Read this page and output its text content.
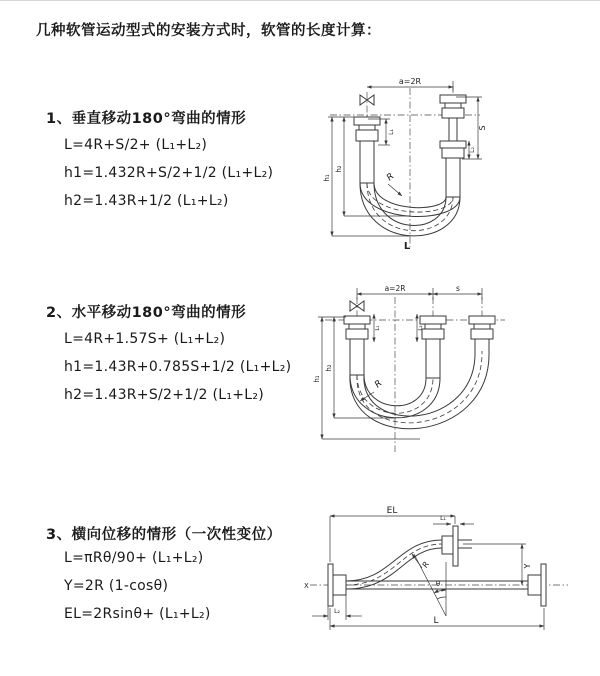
几种软管运动型式的安装方式时，软管的长度计算：
1、垂直移动180°弯曲的情形
L=4R+S/2+ (L₁+L₂)
h1=1.432R+S/2+1/2 (L₁+L₂)
h2=1.43R+1/2 (L₁+L₂)
2、水平移动180°弯曲的情形
L=4R+1.57S+ (L₁+L₂)
h1=1.43R+0.785S+1/2 (L₁+L₂)
h2=1.43R+S/2+1/2 (L₁+L₂)
3、横向位移的情形（一次性变位）
L=πRθ/90+ (L₁+L₂)
Y=2R (1-cosθ)
EL=2Rsinθ+ (L₁+L₂)
a=2R
S
L₂
L₁
h₂
h₁	R
L
a=2R	s
L₁	L₂
h₂
h₁	R
θ
R
EL
L₁
L₂
Y
L
X
